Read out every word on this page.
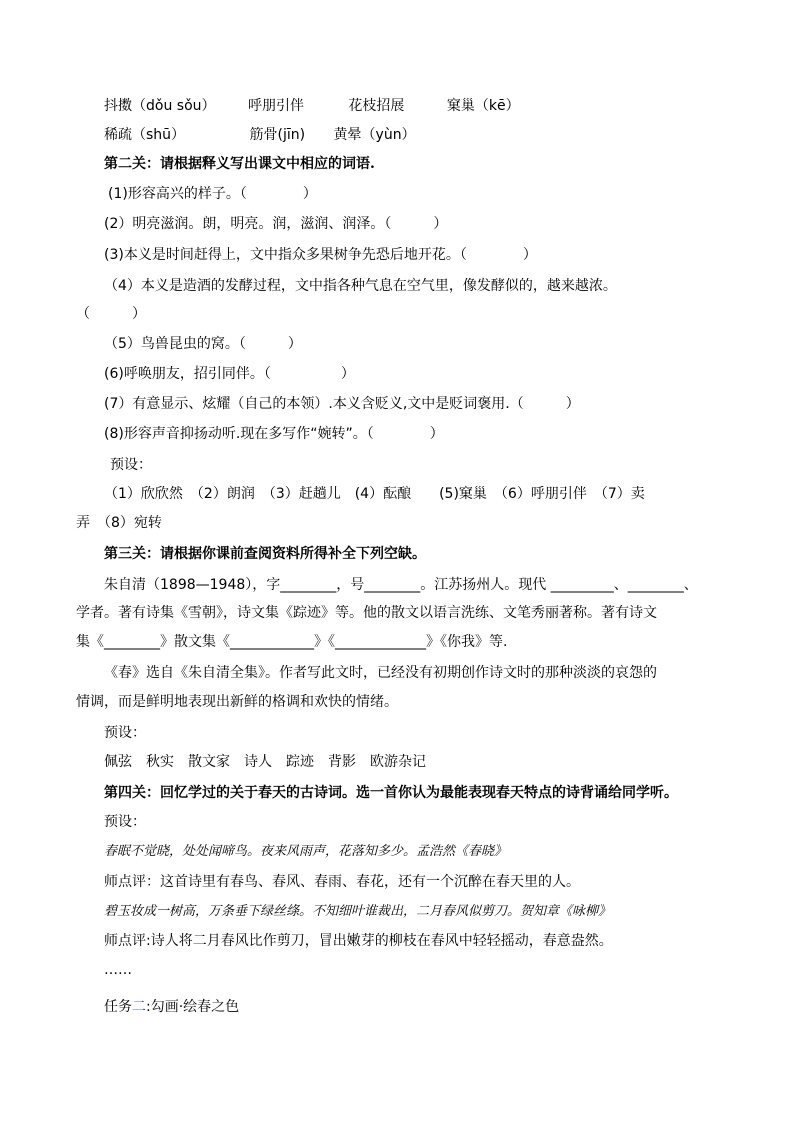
抖擞（dǒu sǒu） 呼朋引伴	花枝招展	窠巢（kē）
稀疏（shū）	筋骨(jīn) 黄晕（yùn）
第二关：请根据释义写出课文中相应的词语.
(1)形容高兴的样子。（　　　　）
(2）明亮滋润。朗，明亮。润，滋润、润泽。（　　　）
(3)本义是时间赶得上，文中指众多果树争先恐后地开花。（　　　　）
（4）本义是造酒的发酵过程，文中指各种气息在空气里，像发酵似的，越来越浓。
（　　　）
（5）鸟兽昆虫的窝。（　　　）
(6)呼唤朋友，招引同伴。（　　　　　）
(7）有意显示、炫耀（自己的本领）.本义含贬义,文中是贬词褒用.（　　　）
(8)形容声音抑扬动听.现在多写作“婉转”。（　　　　）
预设：
（1）欣欣然　（2）朗润　（3）赶趟儿　(4）酝酿　　(5)窠巢　（6）呼朋引伴　（7）卖
弄　（8）宛转
第三关：请根据你课前查阅资料所得补全下列空缺。
朱自清（1898—1948），字________，号________。江苏扬州人。现代 _________、________、
学者。著有诗集《雪朝》，诗文集《踪迹》等。他的散文以语言洗练、文笔秀丽著称。著有诗文
集《________》散文集《____________》《_____________》《你我》等.
《春》选自《朱自清全集》。作者写此文时，已经没有初期创作诗文时的那种淡淡的哀怨的
情调，而是鲜明地表现出新鲜的格调和欢快的情绪。
预设：
佩弦　秋实　散文家　诗人　踪迹　背影　欧游杂记
第四关：回忆学过的关于春天的古诗词。选一首你认为最能表现春天特点的诗背诵给同学听。
预设：
春眠不觉晓，处处闻啼鸟。夜来风雨声，花落知多少。孟浩然《春晓》
师点评：这首诗里有春鸟、春风、春雨、春花，还有一个沉醉在春天里的人。
碧玉妆成一树高，万条垂下绿丝绦。不知细叶谁裁出，二月春风似剪刀。贺知章《咏柳》
师点评:诗人将二月春风比作剪刀，冒出嫩芽的柳枝在春风中轻轻摇动，春意盎然。
……
任务二:勾画·绘春之色
